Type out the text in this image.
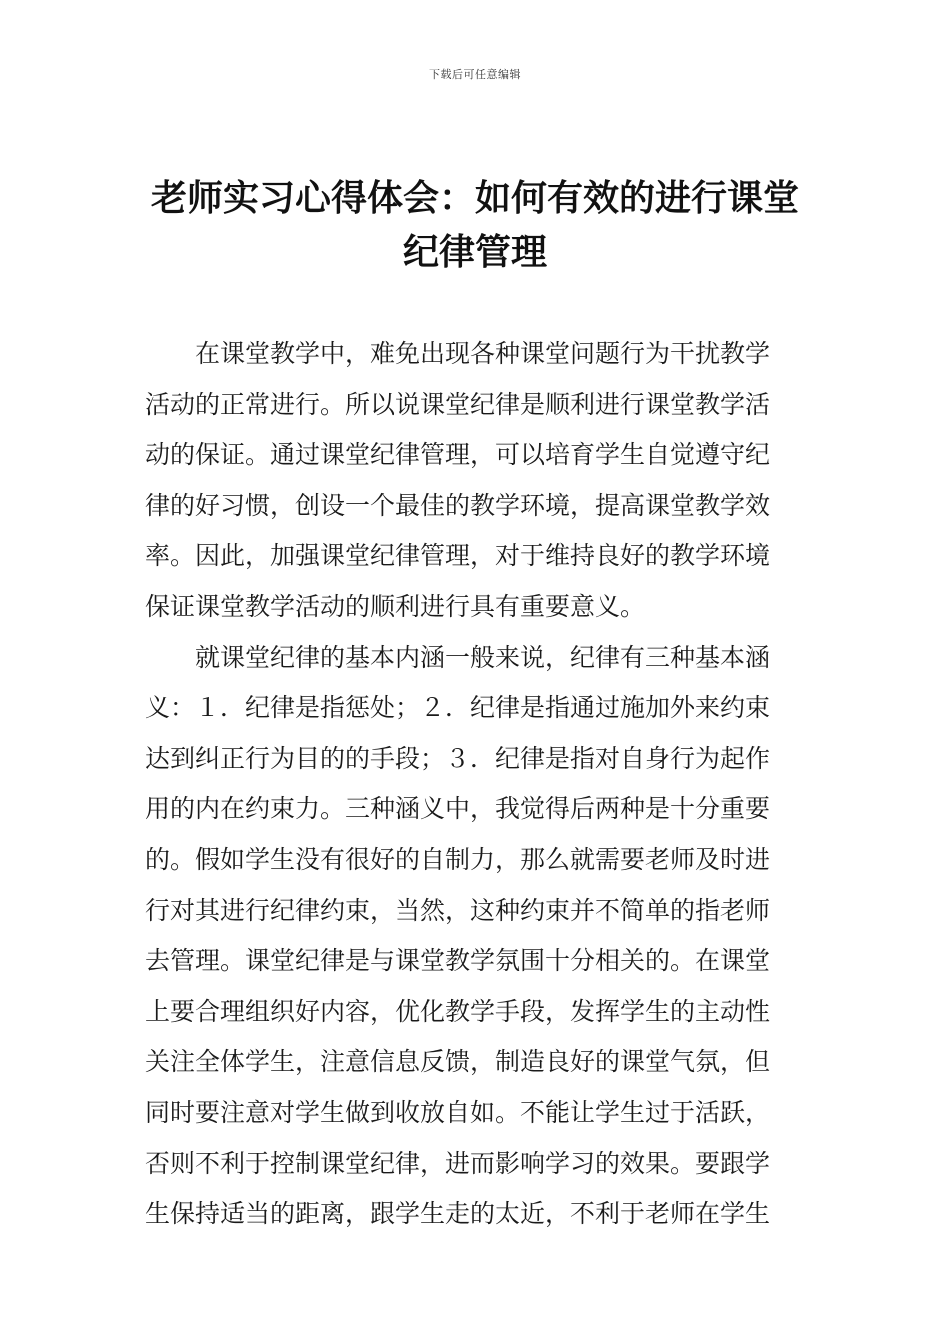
下载后可任意编辑
老师实习心得体会：如何有效的进行课堂
纪律管理

在课堂教学中，难免出现各种课堂问题行为干扰教学
活动的正常进行。所以说课堂纪律是顺利进行课堂教学活
动的保证。通过课堂纪律管理，可以培育学生自觉遵守纪
律的好习惯，创设一个最佳的教学环境，提高课堂教学效
率。因此，加强课堂纪律管理，对于维持良好的教学环境
保证课堂教学活动的顺利进行具有重要意义。

就课堂纪律的基本内涵一般来说，纪律有三种基本涵
义：１．纪律是指惩处；２．纪律是指通过施加外来约束
达到纠正行为目的的手段；３．纪律是指对自身行为起作
用的内在约束力。三种涵义中，我觉得后两种是十分重要
的。假如学生没有很好的自制力，那么就需要老师及时进
行对其进行纪律约束，当然，这种约束并不简单的指老师
去管理。课堂纪律是与课堂教学氛围十分相关的。在课堂
上要合理组织好内容，优化教学手段，发挥学生的主动性
关注全体学生，注意信息反馈，制造良好的课堂气氛，但
同时要注意对学生做到收放自如。不能让学生过于活跃，
否则不利于控制课堂纪律，进而影响学习的效果。要跟学
生保持适当的距离，跟学生走的太近，不利于老师在学生
